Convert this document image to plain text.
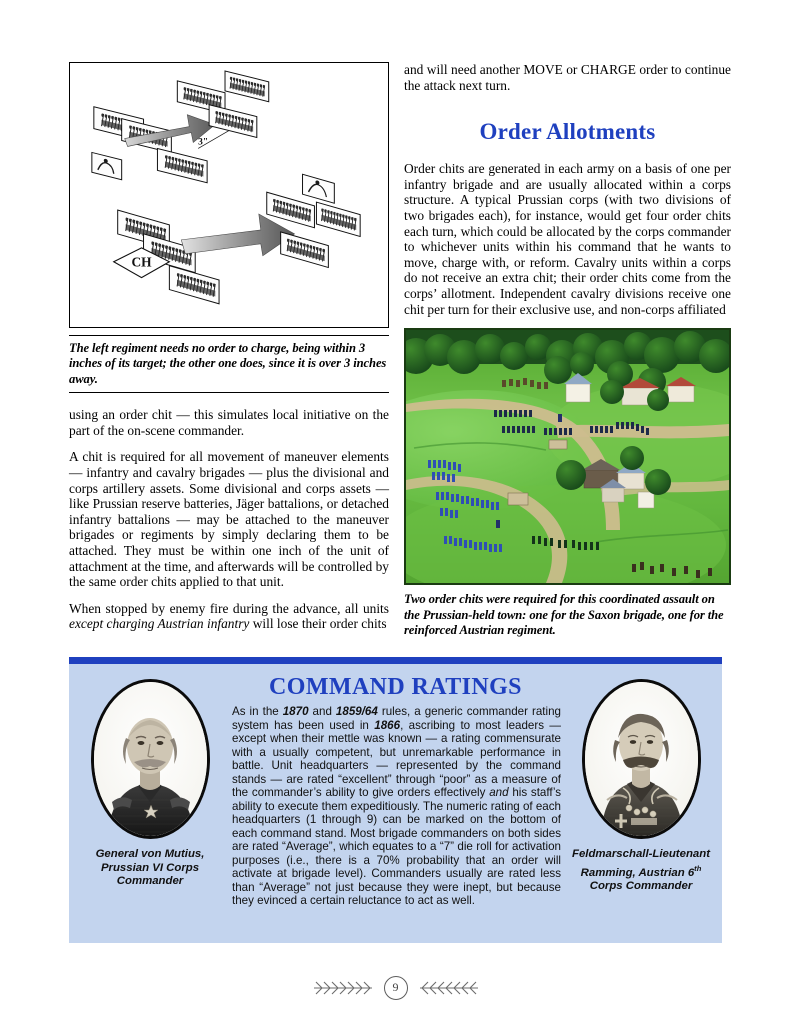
3"
CH
The left regiment needs no order to charge, being within 3 inches of its target; the other one does, since it is over 3 inches away.

using an order chit — this simulates local initiative on the part of the on-scene commander.

A chit is required for all movement of maneuver elements — infantry and cavalry brigades — plus the divisional and corps artillery assets. Some divisional and corps assets — like Prussian reserve batteries, Jäger battalions, or detached infantry battalions — may be attached to the maneuver brigades or regiments by simply declaring them to be attached. They must be within one inch of the unit of attachment at the time, and afterwards will be controlled by the same order chits applied to that unit.

When stopped by enemy fire during the advance, all units except charging Austrian infantry will lose their order chits

and will need another MOVE or CHARGE order to continue the attack next turn.

Order Allotments

Order chits are generated in each army on a basis of one per infantry brigade and are usually allocated within a corps structure. A typical Prussian corps (with two divisions of two brigades each), for instance, would get four order chits each turn, which could be allocated by the corps commander to whichever units within his command that he wants to move, charge with, or reform. Cavalry units within a corps do not receive an extra chit; their order chits come from the corps’ allotment. Independent cavalry divisions receive one chit per turn for their exclusive use, and non-corps affiliated

Two order chits were required for this coordinated assault on the Prussian-held town: one for the Saxon brigade, one for the reinforced Austrian regiment.
COMMAND RATINGS
General von Mutius,
Prussian VI Corps
Commander
As in the 1870 and 1859/64 rules, a generic commander rating system has been used in 1866, ascribing to most leaders — except when their mettle was known — a rating commensurate with a usually competent, but unremarkable performance in battle. Unit headquarters — represented by the command stands — are rated “excellent” through “poor” as a measure of the commander’s ability to give orders effectively and his staff’s ability to execute them expeditiously. The numeric rating of each headquarters (1 through 9) can be marked on the bottom of each command stand. Most brigade commanders on both sides are rated “Average”, which equates to a “7” die roll for activation purposes (i.e., there is a 70% probability that an order will activate at brigade level). Commanders usually are rated less than “Average” not just because they were inept, but because they evinced a certain reluctance to act as well.
Feldmarschall-Lieutenant
Ramming, Austrian 6th
Corps Commander
9
